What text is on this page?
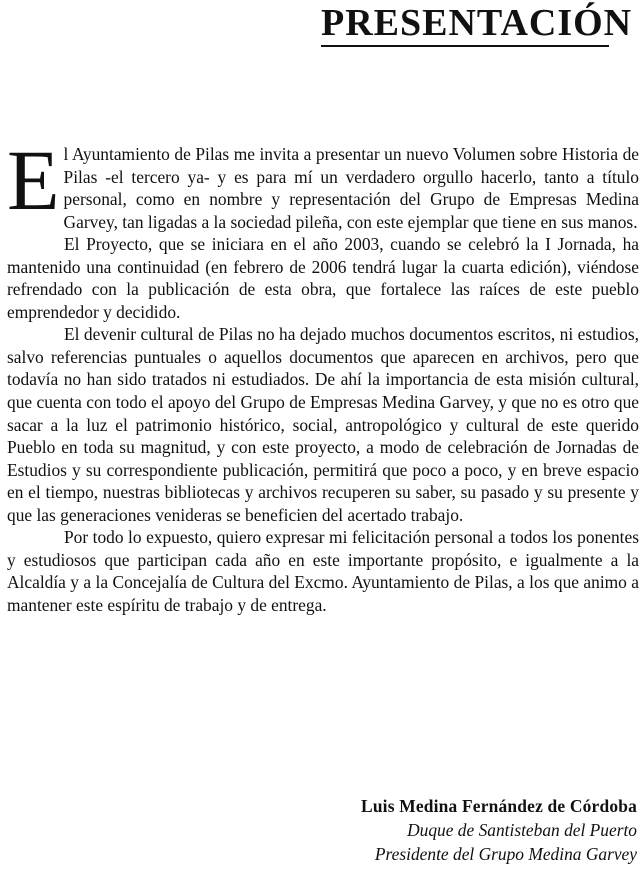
PRESENTACIÓN

El Ayuntamiento de Pilas me invita a presentar un nuevo Volumen sobre Historia de Pilas -el tercero ya- y es para mí un verdadero orgullo hacerlo, tanto a título personal, como en nombre y representación del Grupo de Empresas Medina Garvey, tan ligadas a la sociedad pileña, con este ejemplar que tiene en sus manos.

El Proyecto, que se iniciara en el año 2003, cuando se celebró la I Jornada, ha mantenido una continuidad (en febrero de 2006 tendrá lugar la cuarta edición), viéndose refrendado con la publicación de esta obra, que fortalece las raíces de este pueblo emprendedor y decidido.

El devenir cultural de Pilas no ha dejado muchos documentos escritos, ni estudios, salvo referencias puntuales o aquellos documentos que aparecen en archivos, pero que todavía no han sido tratados ni estudiados. De ahí la importancia de esta misión cultural, que cuenta con todo el apoyo del Grupo de Empresas Medina Garvey, y que no es otro que sacar a la luz el patrimonio histórico, social, antropológico y cultural de este querido Pueblo en toda su magnitud, y con este proyecto, a modo de celebración de Jornadas de Estudios y su correspondiente publicación, permitirá que poco a poco, y en breve espacio en el tiempo, nuestras bibliotecas y archivos recuperen su saber, su pasado y su presente y que las generaciones venideras se beneficien del acertado trabajo.

Por todo lo expuesto, quiero expresar mi felicitación personal a todos los ponentes y estudiosos que participan cada año en este importante propósito, e igualmente a la Alcaldía y a la Concejalía de Cultura del Excmo. Ayuntamiento de Pilas, a los que animo a mantener este espíritu de trabajo y de entrega.

Luis Medina Fernández de Córdoba
Duque de Santisteban del Puerto
Presidente del Grupo Medina Garvey
